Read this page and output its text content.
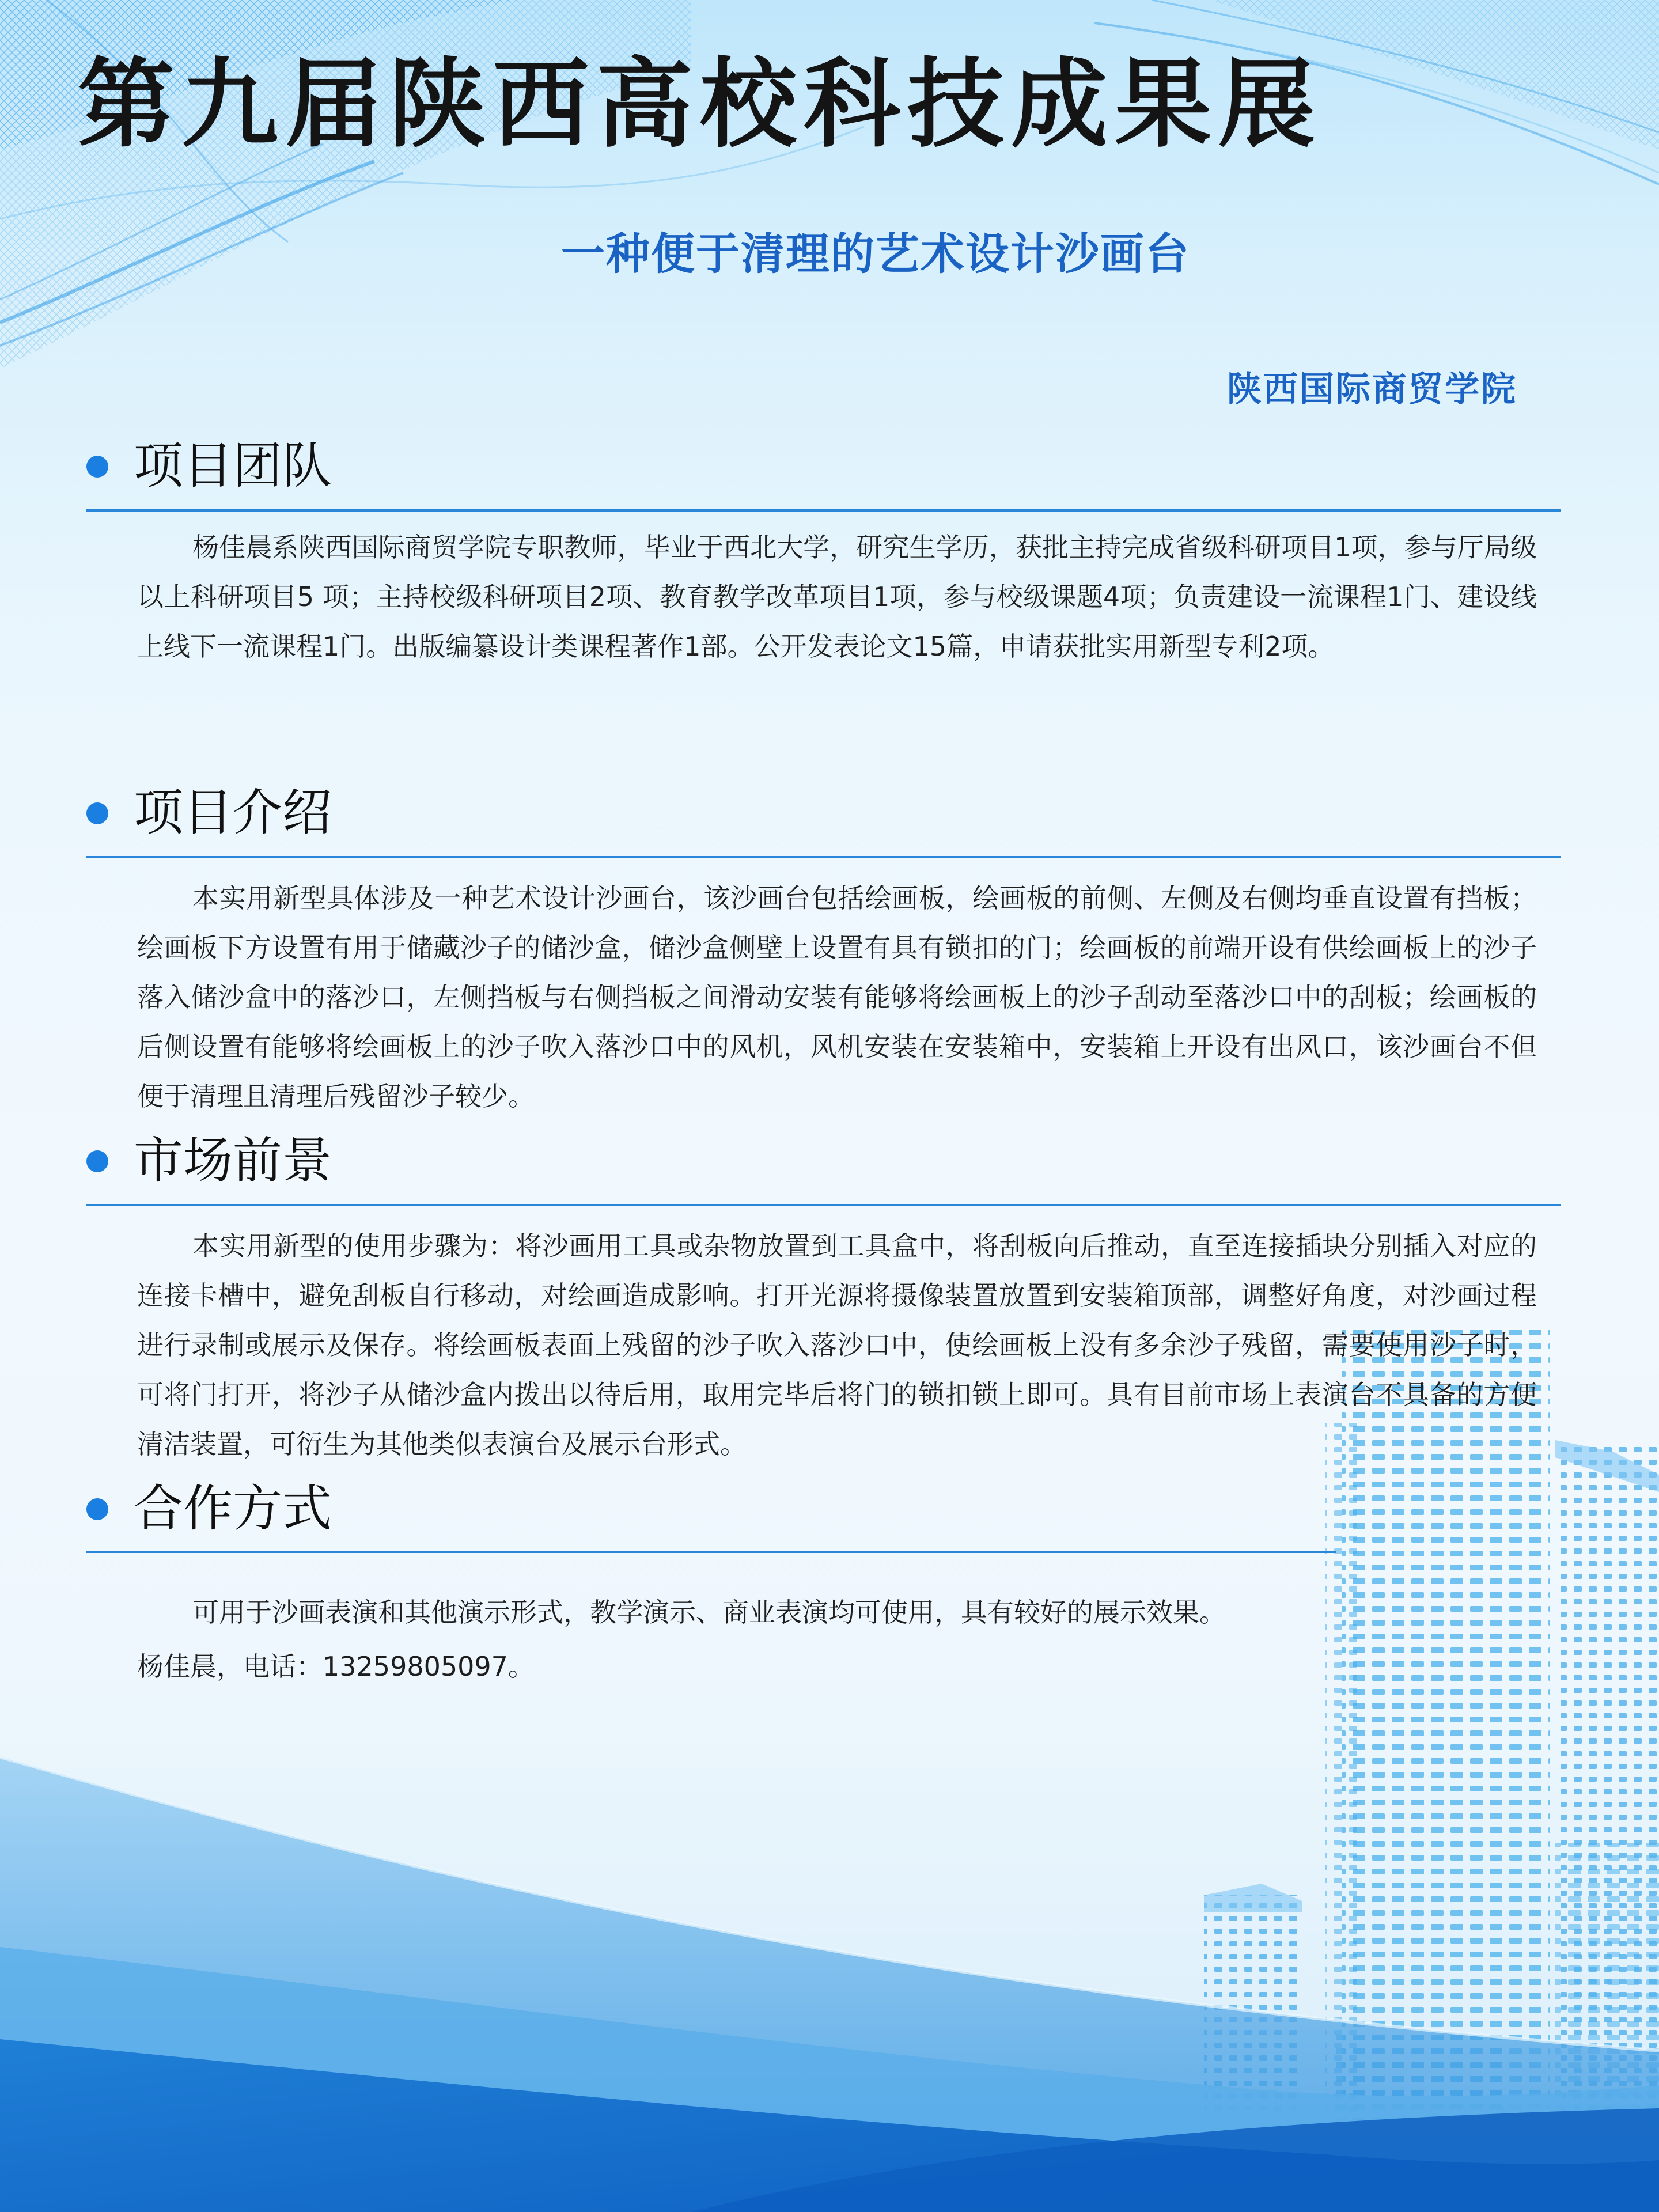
第九届陕西高校科技成果展
一种便于清理的艺术设计沙画台
陕西国际商贸学院
项目团队

杨佳晨系陕西国际商贸学院专职教师，毕业于西北大学，研究生学历，获批主持完成省级科研项目1项，参与厅局级以上科研项目5 项；主持校级科研项目2项、教育教学改革项目1项，参与校级课题4项；负责建设一流课程1门、建设线上线下一流课程1门。出版编纂设计类课程著作1部。公开发表论文15篇，申请获批实用新型专利2项。

项目介绍

本实用新型具体涉及一种艺术设计沙画台，该沙画台包括绘画板，绘画板的前侧、左侧及右侧均垂直设置有挡板；绘画板下方设置有用于储藏沙子的储沙盒，储沙盒侧壁上设置有具有锁扣的门；绘画板的前端开设有供绘画板上的沙子落入储沙盒中的落沙口，左侧挡板与右侧挡板之间滑动安装有能够将绘画板上的沙子刮动至落沙口中的刮板；绘画板的后侧设置有能够将绘画板上的沙子吹入落沙口中的风机，风机安装在安装箱中，安装箱上开设有出风口，该沙画台不但便于清理且清理后残留沙子较少。

市场前景

本实用新型的使用步骤为：将沙画用工具或杂物放置到工具盒中，将刮板向后推动，直至连接插块分别插入对应的连接卡槽中，避免刮板自行移动，对绘画造成影响。打开光源将摄像装置放置到安装箱顶部，调整好角度，对沙画过程进行录制或展示及保存。将绘画板表面上残留的沙子吹入落沙口中，使绘画板上没有多余沙子残留，需要使用沙子时，可将门打开，将沙子从储沙盒内拨出以待后用，取用完毕后将门的锁扣锁上即可。具有目前市场上表演台不具备的方便清洁装置，可衍生为其他类似表演台及展示台形式。

合作方式

可用于沙画表演和其他演示形式，教学演示、商业表演均可使用，具有较好的展示效果。

杨佳晨，电话：13259805097。
